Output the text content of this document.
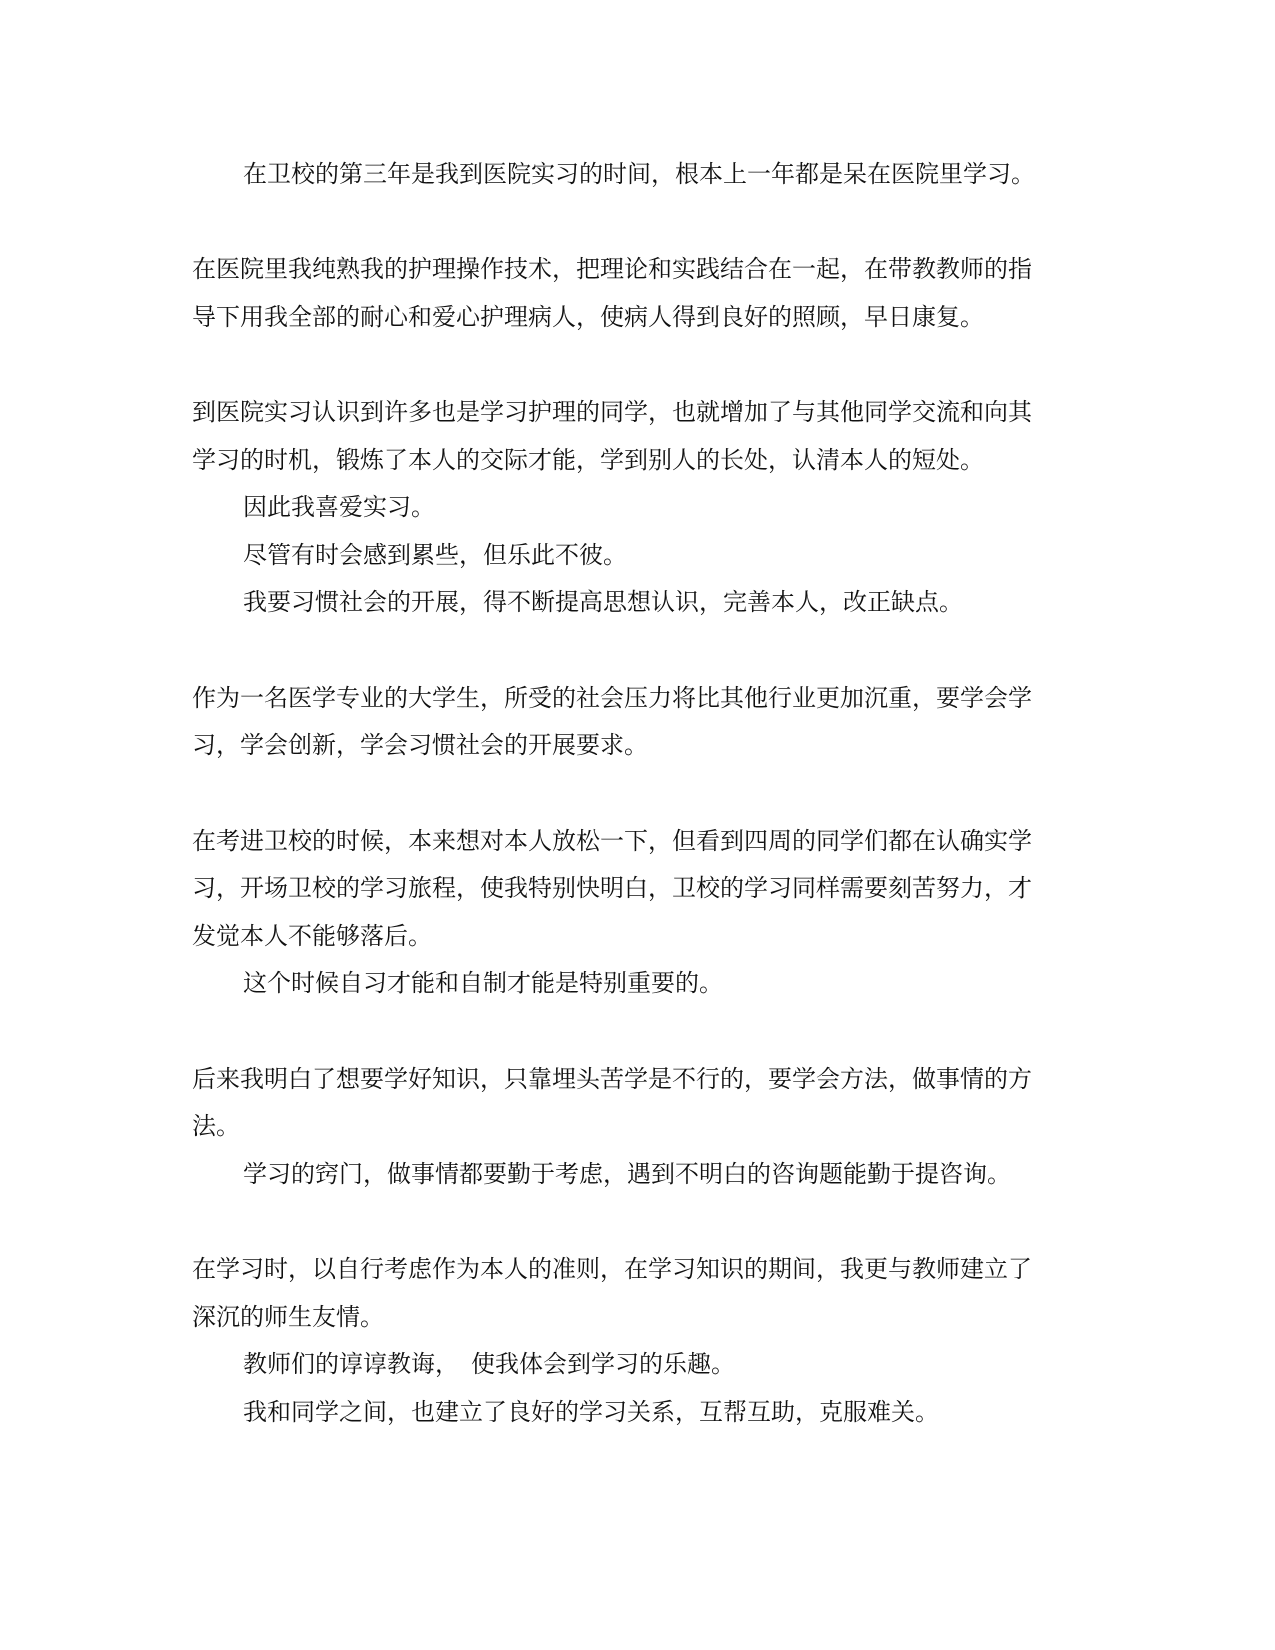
在卫校的第三年是我到医院实习的时间，根本上一年都是呆在医院里学习。
在医院里我纯熟我的护理操作技术，把理论和实践结合在一起，在带教教师的指
导下用我全部的耐心和爱心护理病人，使病人得到良好的照顾，早日康复。
到医院实习认识到许多也是学习护理的同学，也就增加了与其他同学交流和向其
学习的时机，锻炼了本人的交际才能，学到别人的长处，认清本人的短处。
因此我喜爱实习。
尽管有时会感到累些，但乐此不彼。
我要习惯社会的开展，得不断提高思想认识，完善本人，改正缺点。
作为一名医学专业的大学生，所受的社会压力将比其他行业更加沉重，要学会学
习，学会创新，学会习惯社会的开展要求。
在考进卫校的时候，本来想对本人放松一下，但看到四周的同学们都在认确实学
习，开场卫校的学习旅程，使我特别快明白，卫校的学习同样需要刻苦努力，才
发觉本人不能够落后。
这个时候自习才能和自制才能是特别重要的。
后来我明白了想要学好知识，只靠埋头苦学是不行的，要学会方法，做事情的方
法。
学习的窍门，做事情都要勤于考虑，遇到不明白的咨询题能勤于提咨询。
在学习时，以自行考虑作为本人的准则，在学习知识的期间，我更与教师建立了
深沉的师生友情。
教师们的谆谆教诲，　使我体会到学习的乐趣。
我和同学之间，也建立了良好的学习关系，互帮互助，克服难关。
